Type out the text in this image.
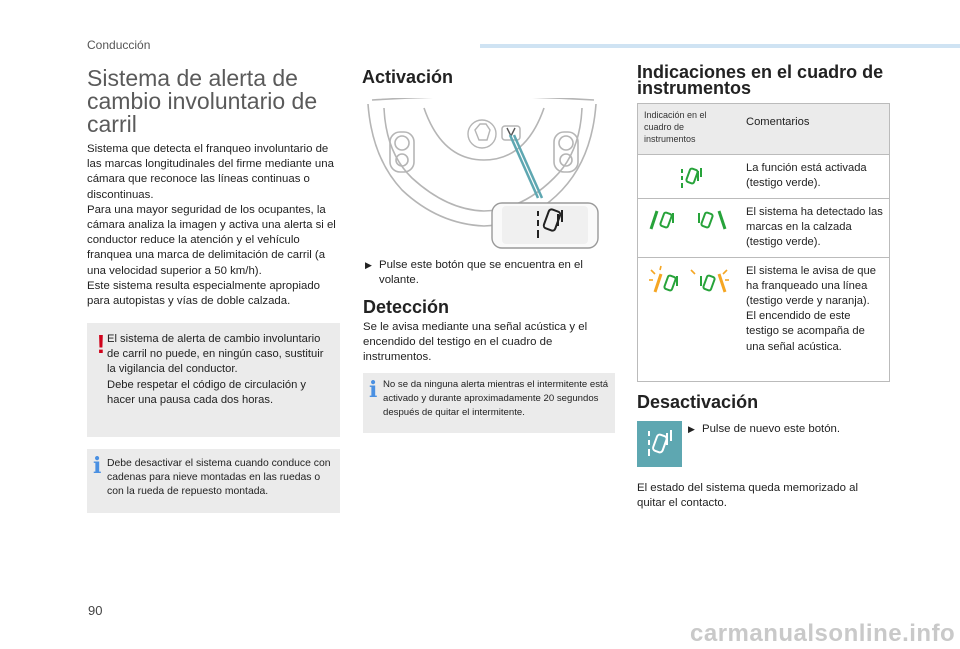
Conducción
Sistema de alerta de cambio involuntario de carril
Sistema que detecta el franqueo involuntario de las marcas longitudinales del firme mediante una cámara que reconoce las líneas continuas o discontinuas.
Para una mayor seguridad de los ocupantes, la cámara analiza la imagen y activa una alerta si el conductor reduce la atención y el vehículo franquea una marca de delimitación de carril (a una velocidad superior a 50 km/h).
Este sistema resulta especialmente apropiado para autopistas y vías de doble calzada.
! El sistema de alerta de cambio involuntario de carril no puede, en ningún caso, sustituir la vigilancia del conductor.
Debe respetar el código de circulación y hacer una pausa cada dos horas.
i Debe desactivar el sistema cuando conduce con cadenas para nieve montadas en las ruedas o con la rueda de repuesto montada.
Activación
▶ Pulse este botón que se encuentra en el volante.
Detección
Se le avisa mediante una señal acústica y el encendido del testigo en el cuadro de instrumentos.
i No se da ninguna alerta mientras el intermitente está activado y durante aproximadamente 20 segundos después de quitar el intermitente.
Indicaciones en el cuadro de instrumentos
Indicación en el cuadro de instrumentos	Comentarios
	La función está activada (testigo verde).
	El sistema ha detectado las marcas en la calzada (testigo verde).
	El sistema le avisa de que ha franqueado una línea (testigo verde y naranja).
El encendido de este testigo se acompaña de una señal acústica.
Desactivación
▶ Pulse de nuevo este botón.
El estado del sistema queda memorizado al quitar el contacto.
90
carmanualsonline.info
